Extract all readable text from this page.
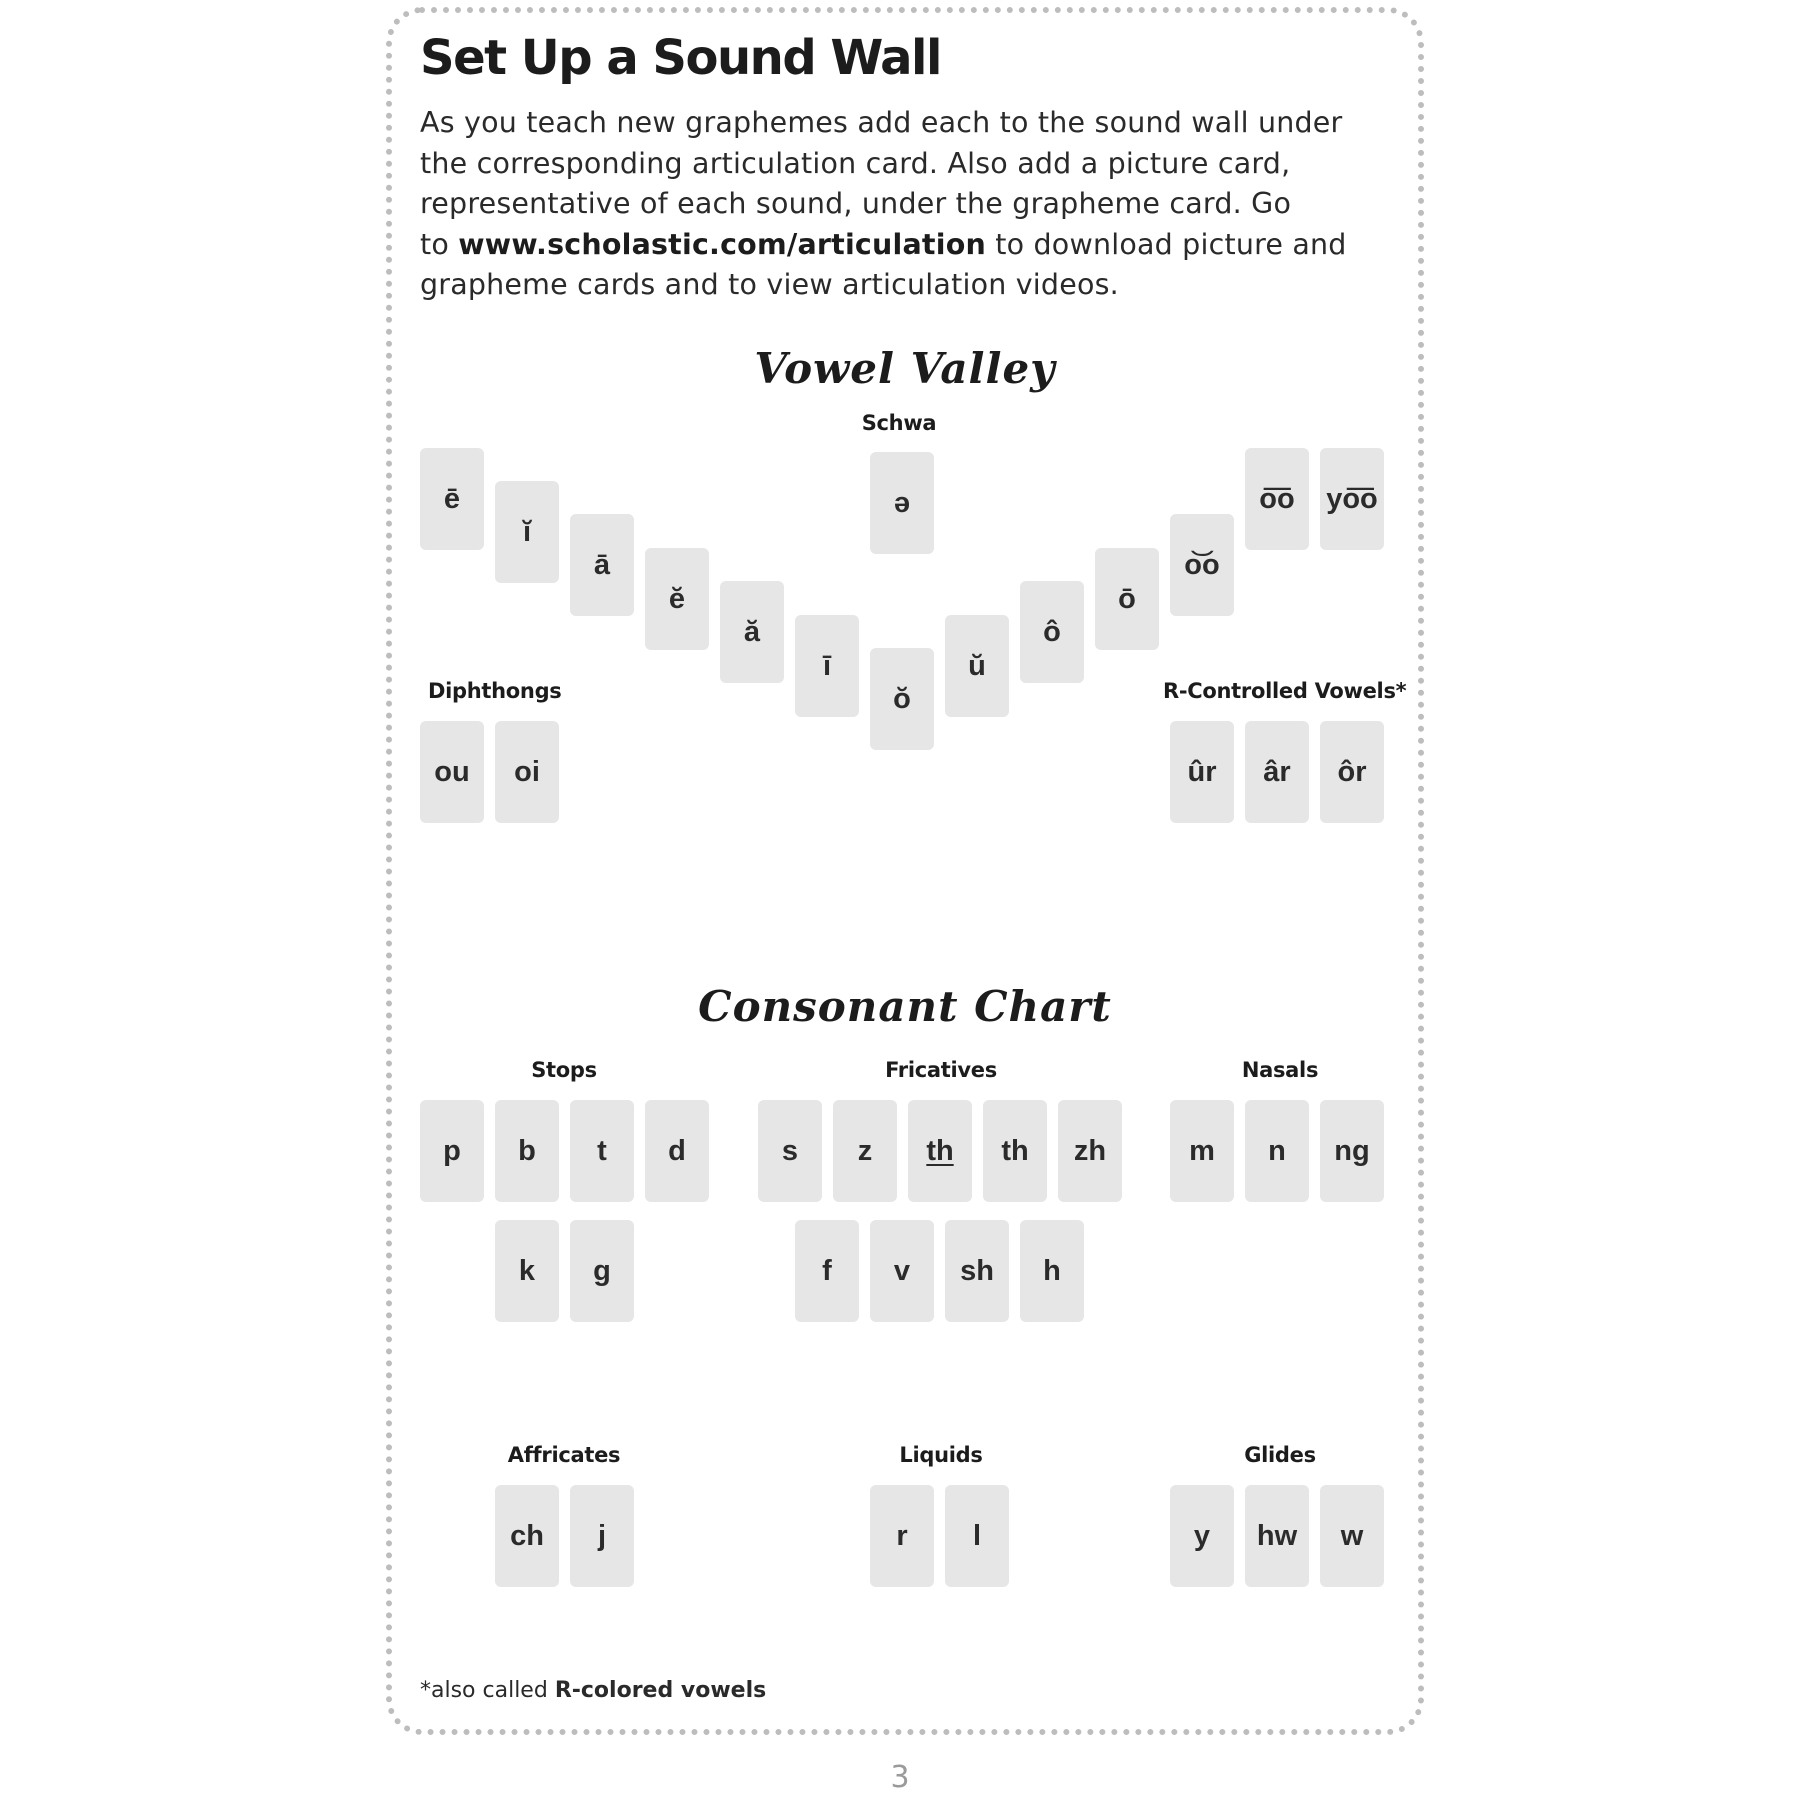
Set Up a Sound Wall

As you teach new graphemes add each to the sound wall under
the corresponding articulation card. Also add a picture card,
representative of each sound, under the grapheme card. Go
to www.scholastic.com/articulation to download picture and
grapheme cards and to view articulation videos.

Vowel Valley
Schwa
Diphthongs	R-Controlled Vowels*
ē
ĭ
ā
ĕ
ă
ī
ŏ
ŭ
ô
ō
o͝o
o͞o yo͞o
ə
ou oi	ûr âr ôr
Consonant Chart
Stops	Fricatives	Nasals
Affricates	Liquids	Glides
p b t d
k g
s z th th zh
f v sh h
m n ng
ch j	r l	y hw w

*also called R-colored vowels

3
